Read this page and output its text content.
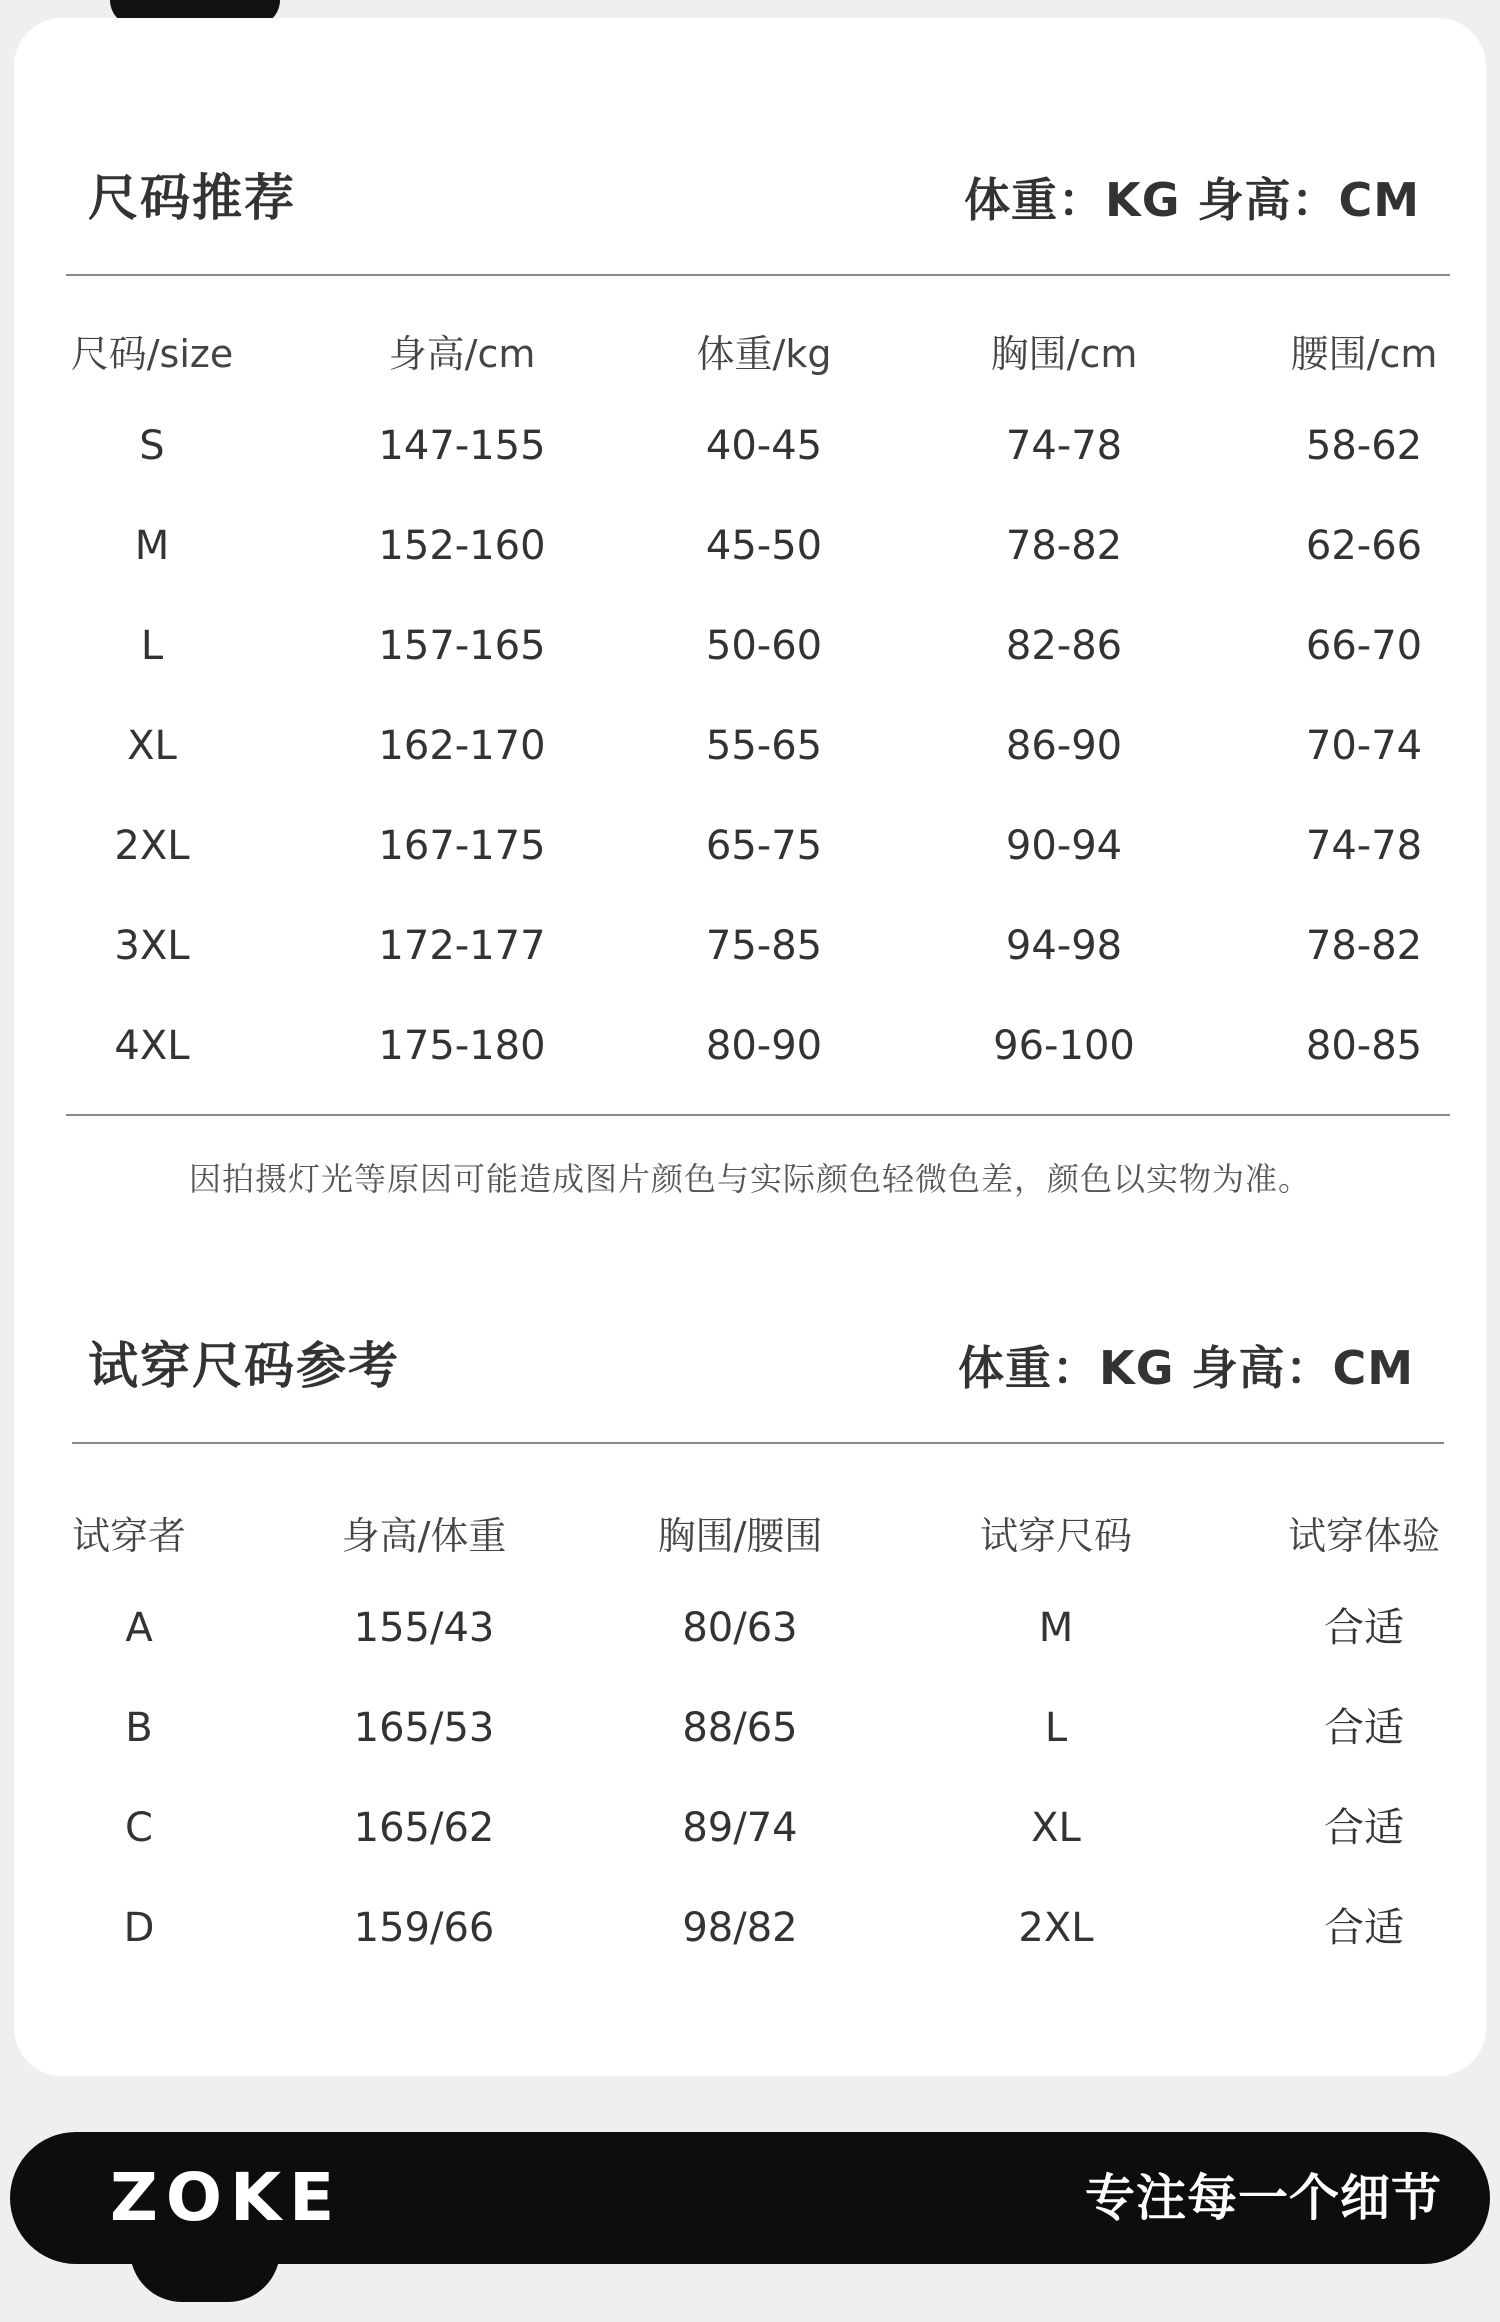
尺码推荐	体重：KG 身高：CM
尺码/size	身高/cm	体重/kg	胸围/cm	腰围/cm
S	147-155	40-45	74-78	58-62
M	152-160	45-50	78-82	62-66
L	157-165	50-60	82-86	66-70
XL	162-170	55-65	86-90	70-74
2XL	167-175	65-75	90-94	74-78
3XL	172-177	75-85	94-98	78-82
4XL	175-180	80-90	96-100	80-85
因拍摄灯光等原因可能造成图片颜色与实际颜色轻微色差，颜色以实物为准。
试穿尺码参考	体重：KG 身高：CM
试穿者	身高/体重	胸围/腰围	试穿尺码	试穿体验
A	155/43	80/63	M	合适
B	165/53	88/65	L	合适
C	165/62	89/74	XL	合适
D	159/66	98/82	2XL	合适
ZOKE	专注每一个细节
